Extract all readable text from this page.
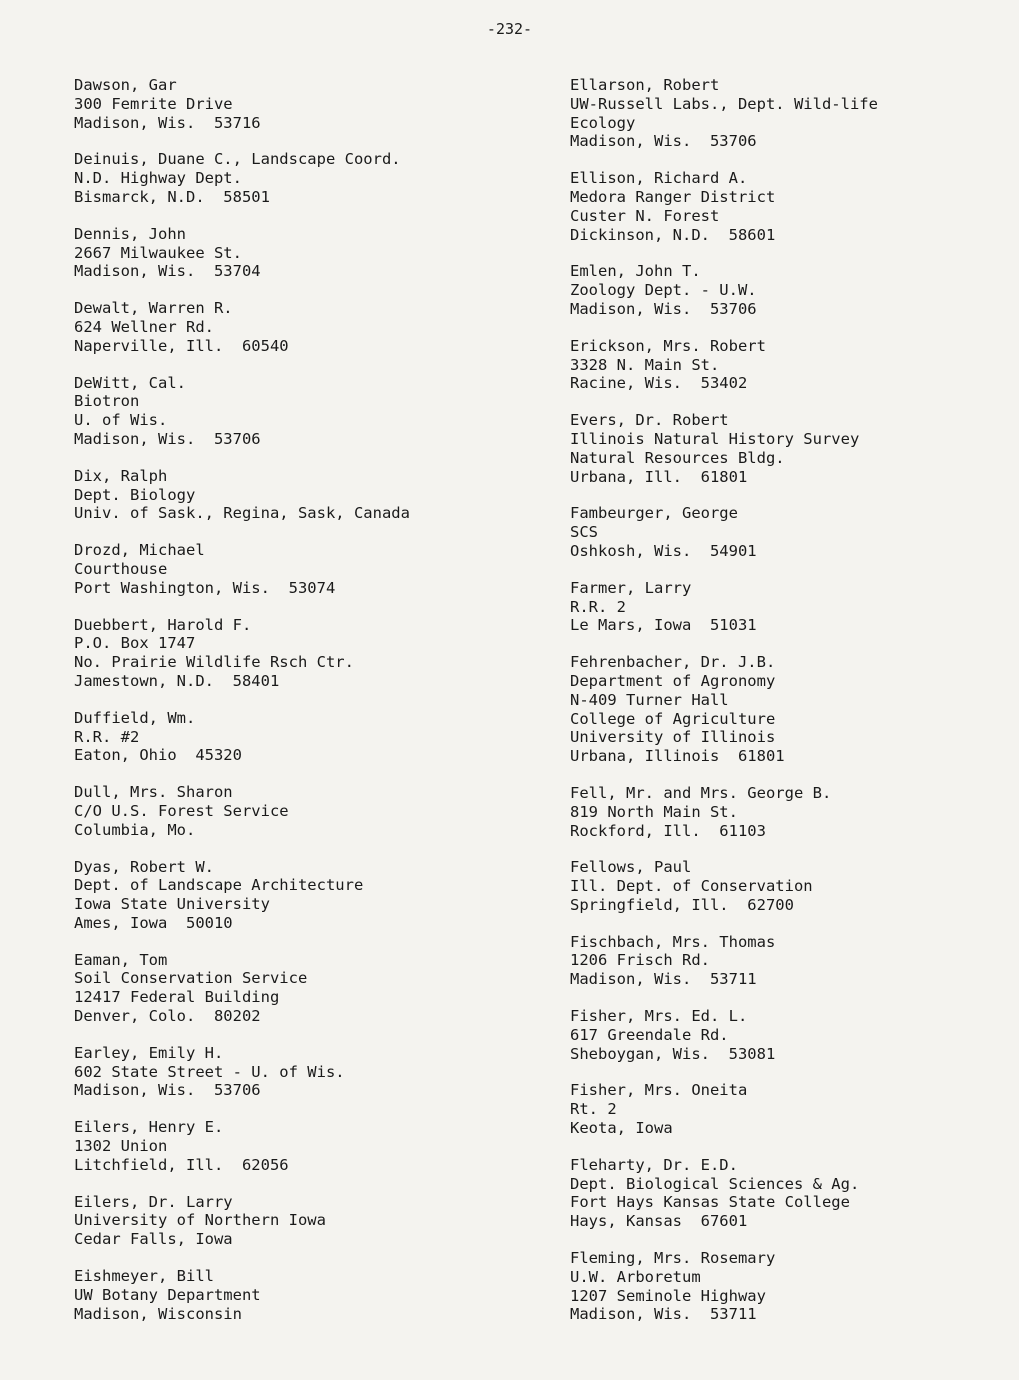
-232-
Dawson, Gar
300 Femrite Drive
Madison, Wis.  53716
Deinuis, Duane C., Landscape Coord.
N.D. Highway Dept.
Bismarck, N.D.  58501
Dennis, John
2667 Milwaukee St.
Madison, Wis.  53704
Dewalt, Warren R.
624 Wellner Rd.
Naperville, Ill.  60540
DeWitt, Cal.
Biotron
U. of Wis.
Madison, Wis.  53706
Dix, Ralph
Dept. Biology
Univ. of Sask., Regina, Sask, Canada
Drozd, Michael
Courthouse
Port Washington, Wis.  53074
Duebbert, Harold F.
P.O. Box 1747
No. Prairie Wildlife Rsch Ctr.
Jamestown, N.D.  58401
Duffield, Wm.
R.R. #2
Eaton, Ohio  45320
Dull, Mrs. Sharon
C/O U.S. Forest Service
Columbia, Mo.
Dyas, Robert W.
Dept. of Landscape Architecture
Iowa State University
Ames, Iowa  50010
Eaman, Tom
Soil Conservation Service
12417 Federal Building
Denver, Colo.  80202
Earley, Emily H.
602 State Street - U. of Wis.
Madison, Wis.  53706
Eilers, Henry E.
1302 Union
Litchfield, Ill.  62056
Eilers, Dr. Larry
University of Northern Iowa
Cedar Falls, Iowa
Eishmeyer, Bill
UW Botany Department
Madison, Wisconsin
Ellarson, Robert
UW-Russell Labs., Dept. Wild-life
Ecology
Madison, Wis.  53706
Ellison, Richard A.
Medora Ranger District
Custer N. Forest
Dickinson, N.D.  58601
Emlen, John T.
Zoology Dept. - U.W.
Madison, Wis.  53706
Erickson, Mrs. Robert
3328 N. Main St.
Racine, Wis.  53402
Evers, Dr. Robert
Illinois Natural History Survey
Natural Resources Bldg.
Urbana, Ill.  61801
Fambeurger, George
SCS
Oshkosh, Wis.  54901
Farmer, Larry
R.R. 2
Le Mars, Iowa  51031
Fehrenbacher, Dr. J.B.
Department of Agronomy
N-409 Turner Hall
College of Agriculture
University of Illinois
Urbana, Illinois  61801
Fell, Mr. and Mrs. George B.
819 North Main St.
Rockford, Ill.  61103
Fellows, Paul
Ill. Dept. of Conservation
Springfield, Ill.  62700
Fischbach, Mrs. Thomas
1206 Frisch Rd.
Madison, Wis.  53711
Fisher, Mrs. Ed. L.
617 Greendale Rd.
Sheboygan, Wis.  53081
Fisher, Mrs. Oneita
Rt. 2
Keota, Iowa
Fleharty, Dr. E.D.
Dept. Biological Sciences & Ag.
Fort Hays Kansas State College
Hays, Kansas  67601
Fleming, Mrs. Rosemary
U.W. Arboretum
1207 Seminole Highway
Madison, Wis.  53711
